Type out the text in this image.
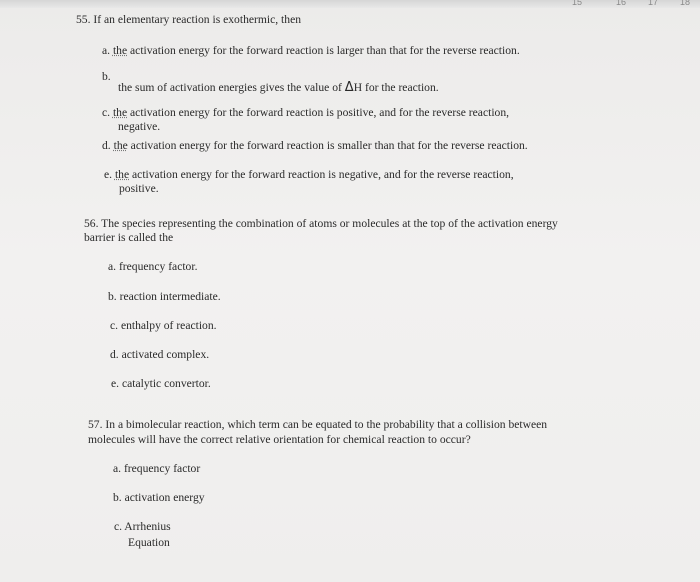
15	16 17 18
55. If an elementary reaction is exothermic, then
a. the activation energy for the forward reaction is larger than that for the reverse reaction.
b.
the sum of activation energies gives the value of ΔH for the reaction.
c. the activation energy for the forward reaction is positive, and for the reverse reaction,
negative.
d. the activation energy for the forward reaction is smaller than that for the reverse reaction.
e. the activation energy for the forward reaction is negative, and for the reverse reaction,
positive.
56. The species representing the combination of atoms or molecules at the top of the activation energy
barrier is called the
a. frequency factor.
b. reaction intermediate.
c. enthalpy of reaction.
d. activated complex.
e. catalytic convertor.
57. In a bimolecular reaction, which term can be equated to the probability that a collision between
molecules will have the correct relative orientation for chemical reaction to occur?
a. frequency factor
b. activation energy
c. Arrhenius
Equation
